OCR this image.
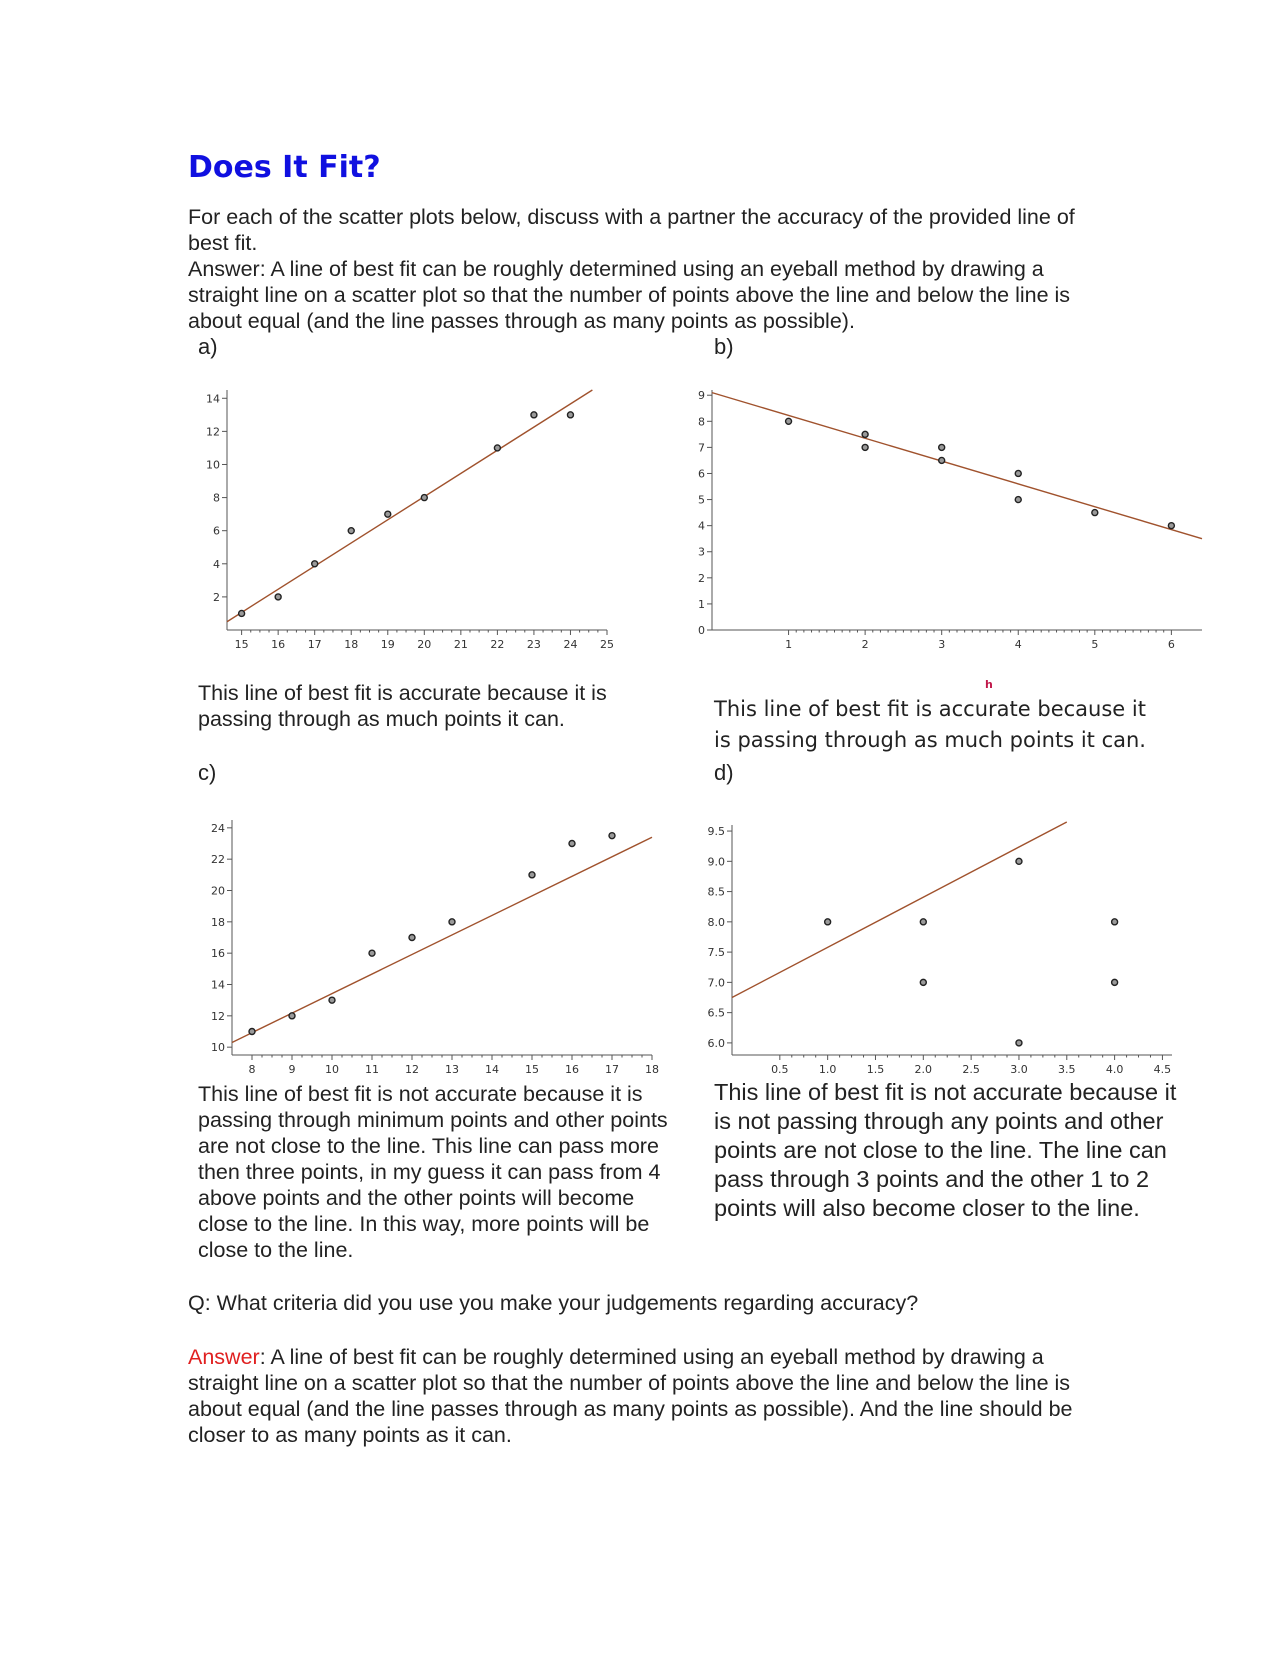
Does It Fit?

For each of the scatter plots below, discuss with a partner the accuracy of the provided line of best fit.

Answer: A line of best fit can be roughly determined using an eyeball method by drawing a straight line on a scatter plot so that the number of points above the line and below the line is about equal (and the line passes through as many points as possible).

a)	b)
c)	d)
15 16 17 18 19 20 21 22 23 24 25
2
4
6
8
10
12
14
1	2	3	4	5	6
0
1
2
3
4
5
6
7
8
9
8	9	10 11 12 13 14 15 16 17 18
10
12
14
16
18
20
22
24
0.5	1.0	1.5	2.0	2.5	3.0	3.5	4.0	4.5
6.0
6.5
7.0
7.5
8.0
8.5
9.0
9.5
h

This line of best fit is accurate because it is passing through as much points it can.	This line of best fit is accurate because it is passing through as much points it can.

This line of best fit is not accurate because it is passing through minimum points and other points are not close to the line. This line can pass more then three points, in my guess it can pass from 4 above points and the other points will become close to the line. In this way, more points will be close to the line.

This line of best fit is not accurate because it is not passing through any points and other points are not close to the line. The line can pass through 3 points and the other 1 to 2 points will also become closer to the line.

Q: What criteria did you use you make your judgements regarding accuracy?

Answer: A line of best fit can be roughly determined using an eyeball method by drawing a straight line on a scatter plot so that the number of points above the line and below the line is about equal (and the line passes through as many points as possible). And the line should be closer to as many points as it can.
